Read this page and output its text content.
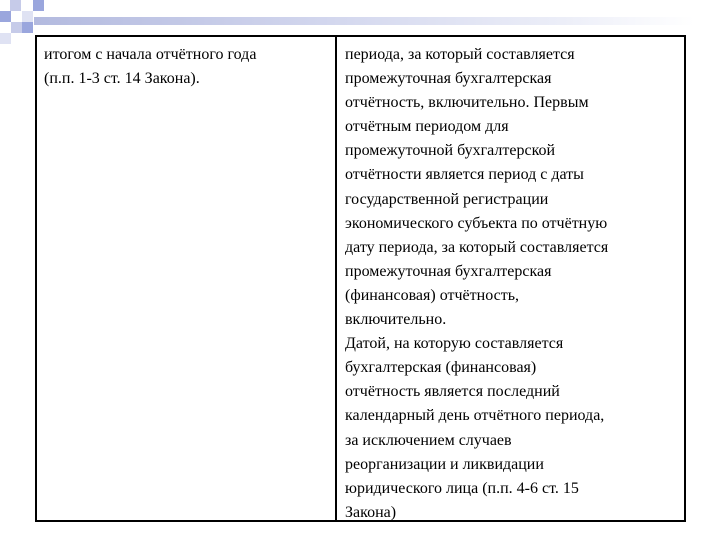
итогом с начала отчётного года
(п.п. 1-3 ст. 14 Закона).
периода, за который составляется
промежуточная бухгалтерская
отчётность, включительно. Первым
отчётным периодом для
промежуточной бухгалтерской
отчётности является период с даты
государственной регистрации
экономического субъекта по отчётную
дату периода, за который составляется
промежуточная бухгалтерская
(финансовая) отчётность,
включительно.
Датой, на которую составляется
бухгалтерская (финансовая)
отчётность является последний
календарный день отчётного периода,
за исключением случаев
реорганизации и ликвидации
юридического лица (п.п. 4-6 ст. 15
Закона)
